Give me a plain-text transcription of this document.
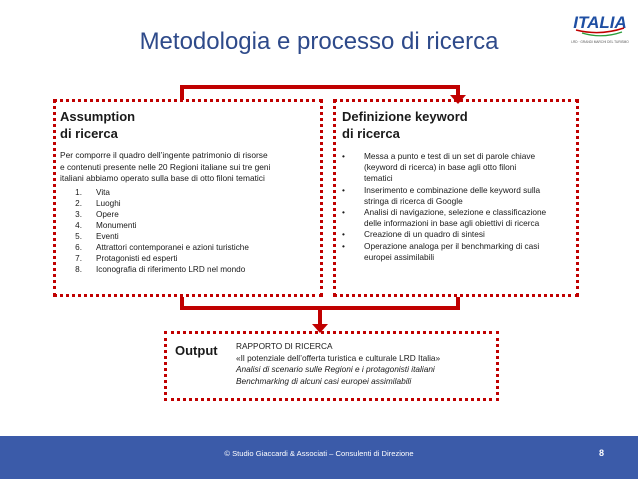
Metodologia e processo di ricerca
ITALIA
LRD · GRANDI MARCHI DEL TURISMO
Assumption
di ricerca
Per comporre il quadro dell’ingente patrimonio di risorse
e contenuti presente nelle 20 Regioni italiane sui tre geni
italiani abbiamo operato sulla base di otto filoni tematici
1.	Vita
2.	Luoghi
3.	Opere
4.	Monumenti
5.	Eventi
6.	Attrattori contemporanei e azioni turistiche
7.	Protagonisti ed esperti
8.	Iconografia di riferimento LRD nel mondo
Definizione keyword
di ricerca
•	Messa a punto e test di un set di parole chiave
(keyword di ricerca) in base agli otto filoni
tematici
•	Inserimento e combinazione delle keyword sulla
stringa di ricerca di Google
•	Analisi di navigazione, selezione e classificazione
delle informazioni in base agli obiettivi di ricerca
•	Creazione di un quadro di sintesi
•	Operazione analoga per il benchmarking di casi
europei assimilabili
Output RAPPORTO DI RICERCA
«Il potenziale dell’offerta turistica e culturale LRD Italia»
Analisi di scenario sulle Regioni e i protagonisti italiani
Benchmarking di alcuni casi europei assimilabili
© Studio Giaccardi & Associati – Consulenti di Direzione	8
